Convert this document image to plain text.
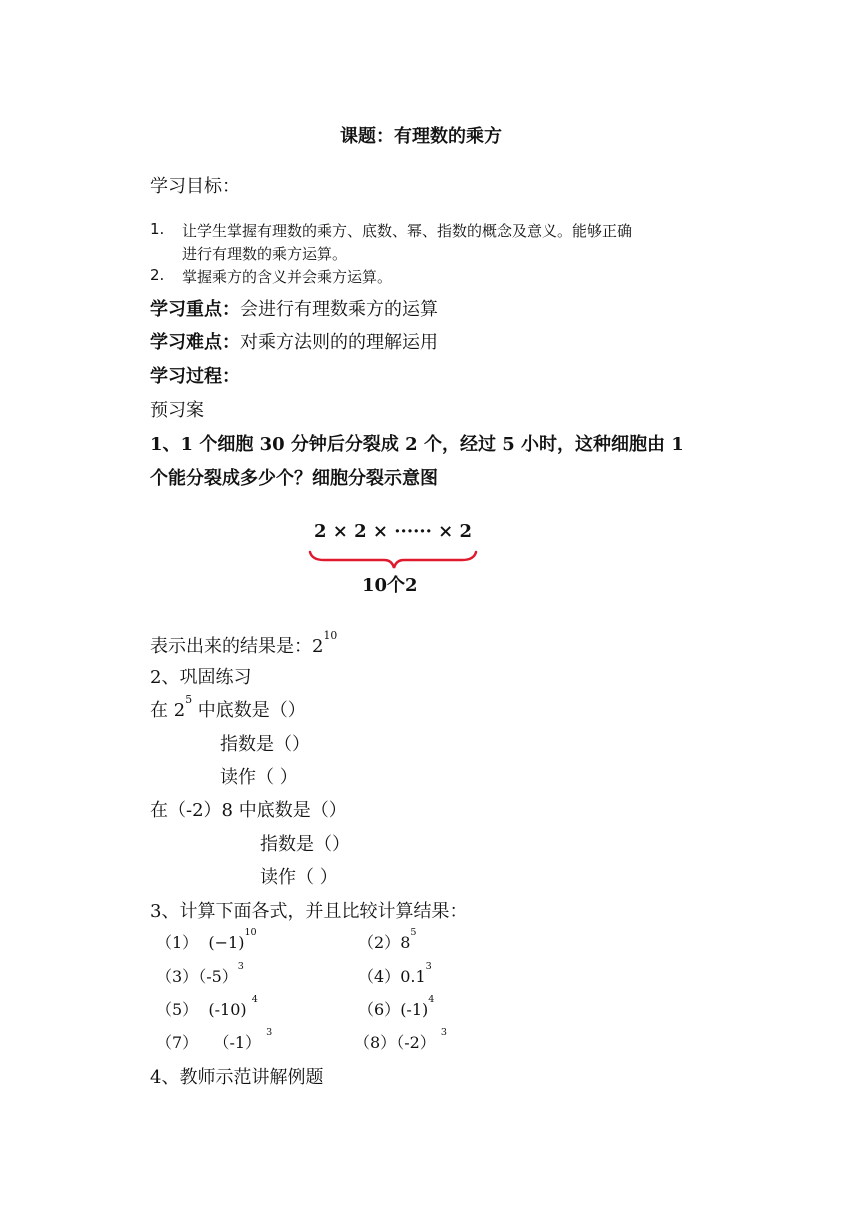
课题：有理数的乘方
学习目标：
1.	让学生掌握有理数的乘方、底数、幂、指数的概念及意义。能够正确
进行有理数的乘方运算。
2.	掌握乘方的含义并会乘方运算。
学习重点：会进行有理数乘方的运算
学习难点：对乘方法则的的理解运用
学习过程：
预习案
1、1 个细胞 30 分钟后分裂成 2 个，经过 5 小时，这种细胞由 1
个能分裂成多少个？细胞分裂示意图
2 × 2 × ······ × 2
10个2
表示出来的结果是：$2^{10}$
2、巩固练习
在 $2^5$ 中底数是（）
指数是（）
读作（ ）
在（-2）8 中底数是（）
指数是（）
读作（ ）
3、计算下面各式，并且比较计算结果：
（1） $(-1)^{10}$
$(2)8^5$
$(3)(-5)^3$
$(4)0.1^3$
（5） (-10) $^4$
$(6)(-1)^4$
（7） （-1） $^3$
（8）（-2） $^3$
4、教师示范讲解例题
